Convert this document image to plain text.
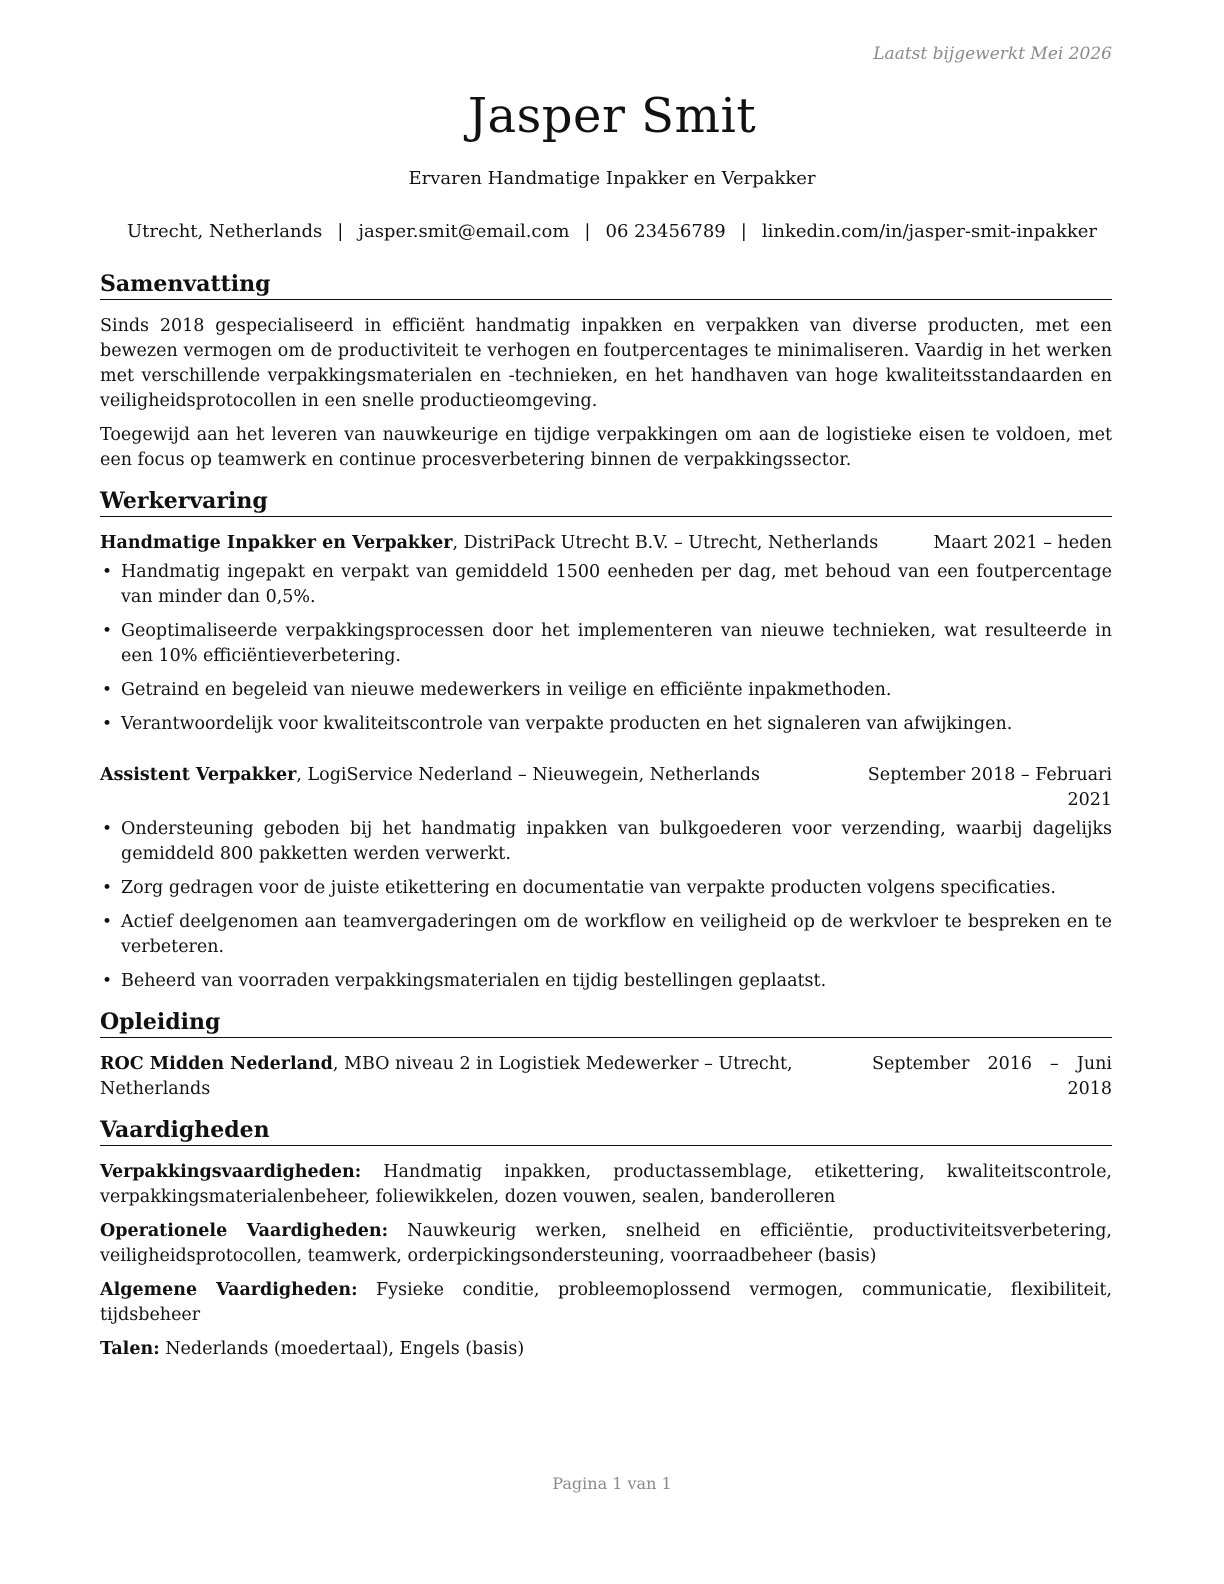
Laatst bijgewerkt Mei 2026
Jasper Smit
Ervaren Handmatige Inpakker en Verpakker
Utrecht, Netherlands | jasper.smit@email.com | 06 23456789 | linkedin.com/in/jasper-smit-inpakker
Samenvatting

Sinds 2018 gespecialiseerd in efficiënt handmatig inpakken en verpakken van diverse producten, met een bewezen vermogen om de productiviteit te verhogen en foutpercentages te minimaliseren. Vaardig in het werken met verschillende verpakkingsmaterialen en -technieken, en het handhaven van hoge kwaliteitsstandaarden en veiligheidsprotocollen in een snelle productieomgeving.

Toegewijd aan het leveren van nauwkeurige en tijdige verpakkingen om aan de logistieke eisen te voldoen, met een focus op teamwerk en continue procesverbetering binnen de verpakkingssector.

Werkervaring
Handmatige Inpakker en Verpakker, DistriPack Utrecht B.V. – Utrecht, Netherlands	Maart 2021 – heden
• Handmatig ingepakt en verpakt van gemiddeld 1500 eenheden per dag, met behoud van een foutpercentage van minder dan 0,5%.
• Geoptimaliseerde verpakkingsprocessen door het implementeren van nieuwe technieken, wat resulteerde in een 10% efficiëntieverbetering.
• Getraind en begeleid van nieuwe medewerkers in veilige en efficiënte inpakmethoden.
• Verantwoordelijk voor kwaliteitscontrole van verpakte producten en het signaleren van afwijkingen.
Assistent Verpakker, LogiService Nederland – Nieuwegein, Netherlands	September 2018 – Februari 2021
• Ondersteuning geboden bij het handmatig inpakken van bulkgoederen voor verzending, waarbij dagelijks gemiddeld 800 pakketten werden verwerkt.
• Zorg gedragen voor de juiste etikettering en documentatie van verpakte producten volgens specificaties.
• Actief deelgenomen aan teamvergaderingen om de workflow en veiligheid op de werkvloer te bespreken en te verbeteren.
• Beheerd van voorraden verpakkingsmaterialen en tijdig bestellingen geplaatst.
Opleiding
ROC Midden Nederland, MBO niveau 2 in Logistiek Medewerker – Utrecht, Netherlands
September 2016 – Juni 2018
Vaardigheden
Verpakkingsvaardigheden: Handmatig inpakken, productassemblage, etikettering, kwaliteitscontrole, verpakkingsmaterialenbeheer, foliewikkelen, dozen vouwen, sealen, banderolleren
Operationele Vaardigheden: Nauwkeurig werken, snelheid en efficiëntie, productiviteitsverbetering, veiligheidsprotocollen, teamwerk, orderpickingsondersteuning, voorraadbeheer (basis)
Algemene Vaardigheden: Fysieke conditie, probleemoplossend vermogen, communicatie, flexibiliteit, tijdsbeheer
Talen: Nederlands (moedertaal), Engels (basis)
Pagina 1 van 1
